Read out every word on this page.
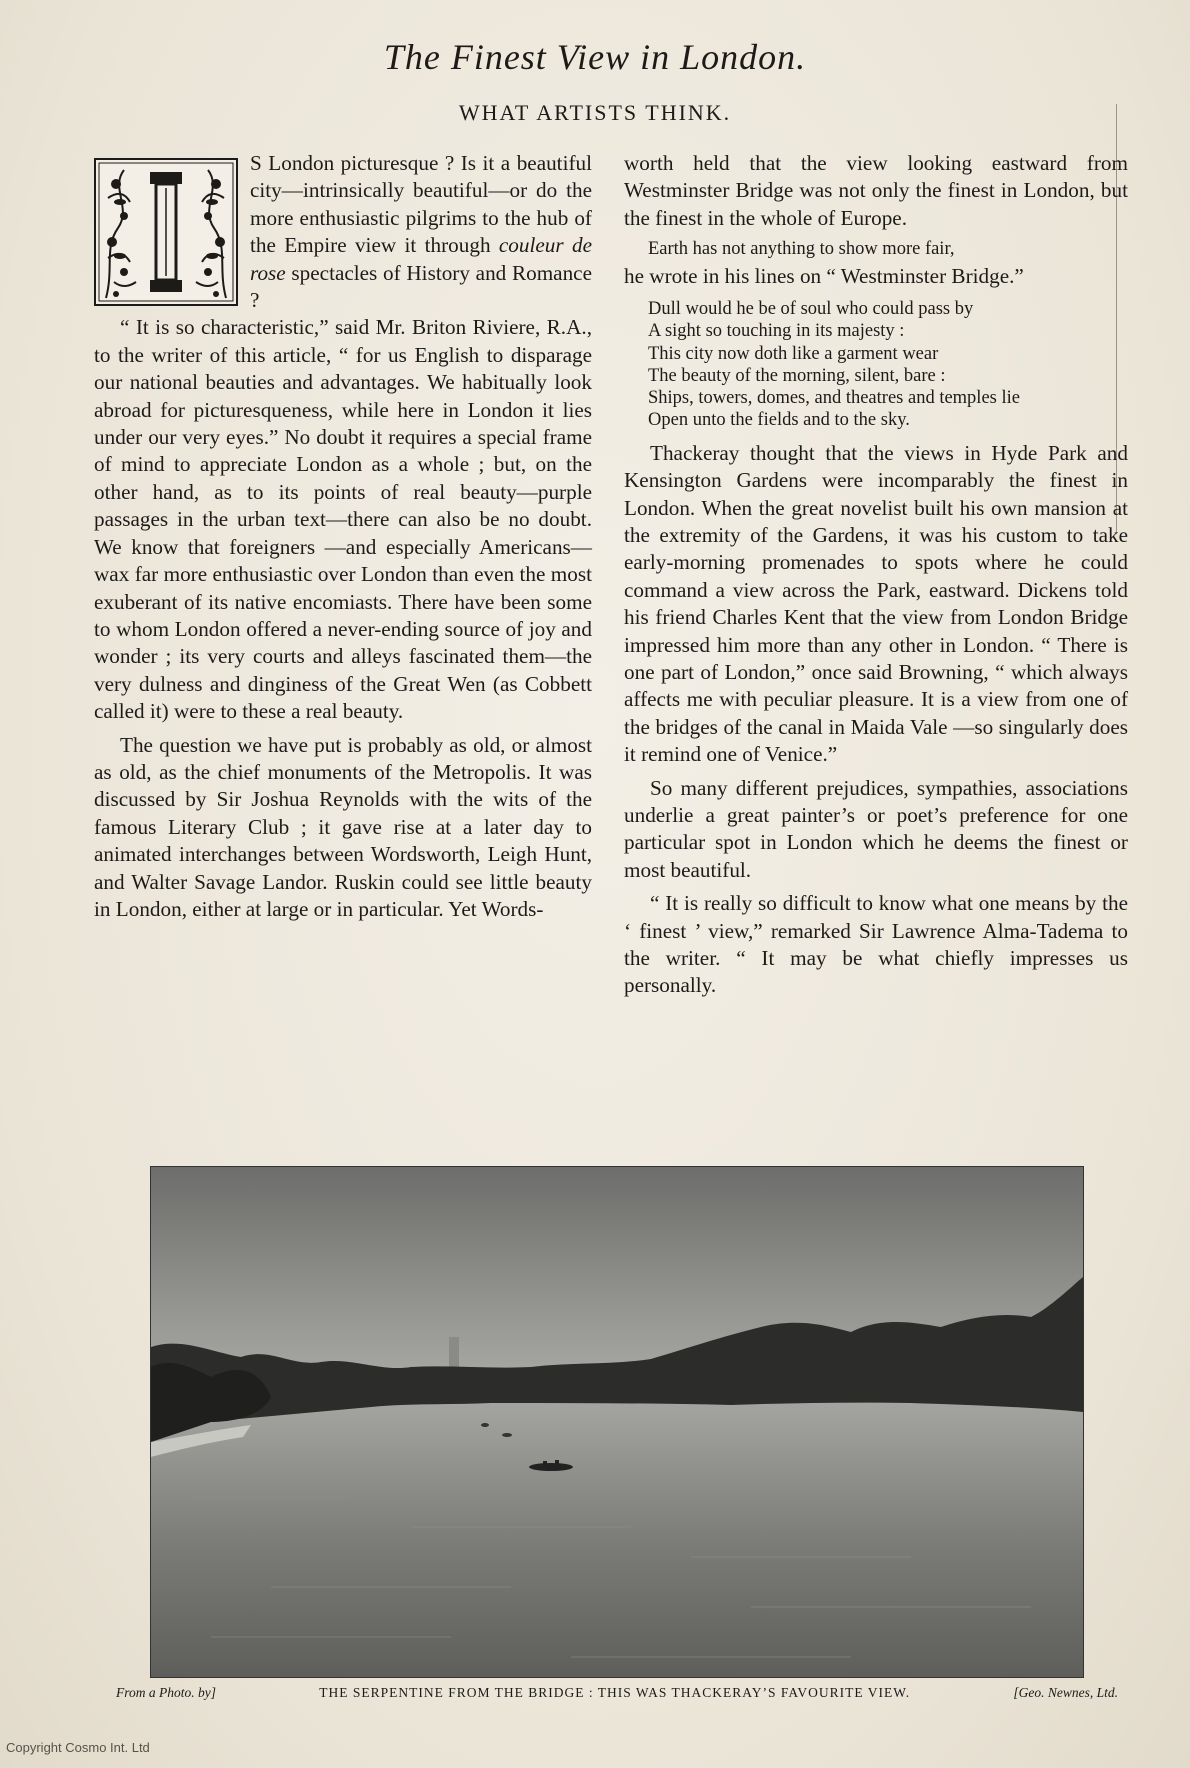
The Finest View in London.
WHAT ARTISTS THINK.

S London picturesque ? Is it a beautiful city—intrinsically beautiful—or do the more enthusiastic pilgrims to the hub of the Empire view it through couleur de rose spectacles of History and Romance ?

“ It is so characteristic,” said Mr. Briton Riviere, R.A., to the writer of this article, “ for us English to disparage our national beauties and advantages. We habitually look abroad for picturesqueness, while here in London it lies under our very eyes.” No doubt it requires a special frame of mind to appreciate London as a whole ; but, on the other hand, as to its points of real beauty—purple passages in the urban text—there can also be no doubt. We know that foreigners —and especially Americans—wax far more enthusiastic over London than even the most exuberant of its native encomiasts. There have been some to whom London offered a never-ending source of joy and wonder ; its very courts and alleys fascinated them—the very dulness and dinginess of the Great Wen (as Cobbett called it) were to these a real beauty.

The question we have put is probably as old, or almost as old, as the chief monuments of the Metropolis. It was discussed by Sir Joshua Reynolds with the wits of the famous Literary Club ; it gave rise at a later day to animated interchanges between Wordsworth, Leigh Hunt, and Walter Savage Landor. Ruskin could see little beauty in London, either at large or in particular. Yet Words-

worth held that the view looking eastward from Westminster Bridge was not only the finest in London, but the finest in the whole of Europe.

Earth has not anything to show more fair,

he wrote in his lines on “ Westminster Bridge.”

Dull would he be of soul who could pass by
A sight so touching in its majesty :
This city now doth like a garment wear
The beauty of the morning, silent, bare :
Ships, towers, domes, and theatres and temples lie
Open unto the fields and to the sky.

Thackeray thought that the views in Hyde Park and Kensington Gardens were incomparably the finest in London. When the great novelist built his own mansion at the extremity of the Gardens, it was his custom to take early-morning promenades to spots where he could command a view across the Park, eastward. Dickens told his friend Charles Kent that the view from London Bridge impressed him more than any other in London. “ There is one part of London,” once said Browning, “ which always affects me with peculiar pleasure. It is a view from one of the bridges of the canal in Maida Vale —so singularly does it remind one of Venice.”

So many different prejudices, sympathies, associations underlie a great painter’s or poet’s preference for one particular spot in London which he deems the finest or most beautiful.

“ It is really so difficult to know what one means by the ‘ finest ’ view,” remarked Sir Lawrence Alma-Tadema to the writer. “ It may be what chiefly impresses us personally.

From a Photo. by]	THE SERPENTINE FROM THE BRIDGE : THIS WAS THACKERAY’S FAVOURITE VIEW.	[Geo. Newnes, Ltd.
Copyright Cosmo Int. Ltd
